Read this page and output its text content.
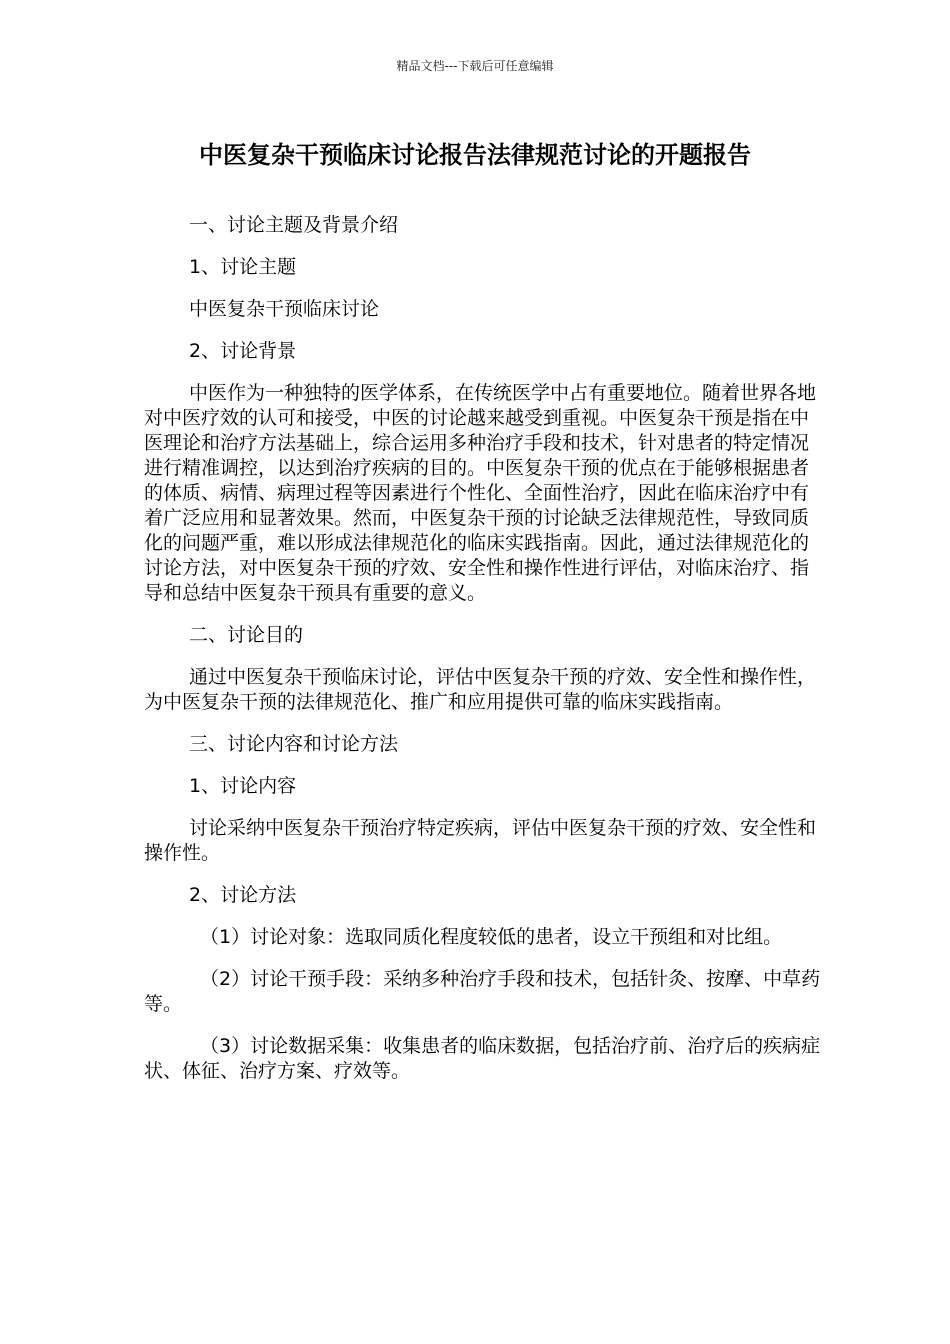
精品文档---下载后可任意编辑
中医复杂干预临床讨论报告法律规范讨论的开题报告

一、讨论主题及背景介绍

1、讨论主题

中医复杂干预临床讨论

2、讨论背景

中医作为一种独特的医学体系，在传统医学中占有重要地位。随着世界各地对中医疗效的认可和接受，中医的讨论越来越受到重视。中医复杂干预是指在中医理论和治疗方法基础上，综合运用多种治疗手段和技术，针对患者的特定情况进行精准调控，以达到治疗疾病的目的。中医复杂干预的优点在于能够根据患者的体质、病情、病理过程等因素进行个性化、全面性治疗，因此在临床治疗中有着广泛应用和显著效果。然而，中医复杂干预的讨论缺乏法律规范性，导致同质化的问题严重，难以形成法律规范化的临床实践指南。因此，通过法律规范化的讨论方法，对中医复杂干预的疗效、安全性和操作性进行评估，对临床治疗、指导和总结中医复杂干预具有重要的意义。

二、讨论目的

通过中医复杂干预临床讨论，评估中医复杂干预的疗效、安全性和操作性，为中医复杂干预的法律规范化、推广和应用提供可靠的临床实践指南。

三、讨论内容和讨论方法

1、讨论内容

讨论采纳中医复杂干预治疗特定疾病，评估中医复杂干预的疗效、安全性和操作性。

2、讨论方法

（1）讨论对象：选取同质化程度较低的患者，设立干预组和对比组。

（2）讨论干预手段：采纳多种治疗手段和技术，包括针灸、按摩、中草药等。

（3）讨论数据采集：收集患者的临床数据，包括治疗前、治疗后的疾病症状、体征、治疗方案、疗效等。
